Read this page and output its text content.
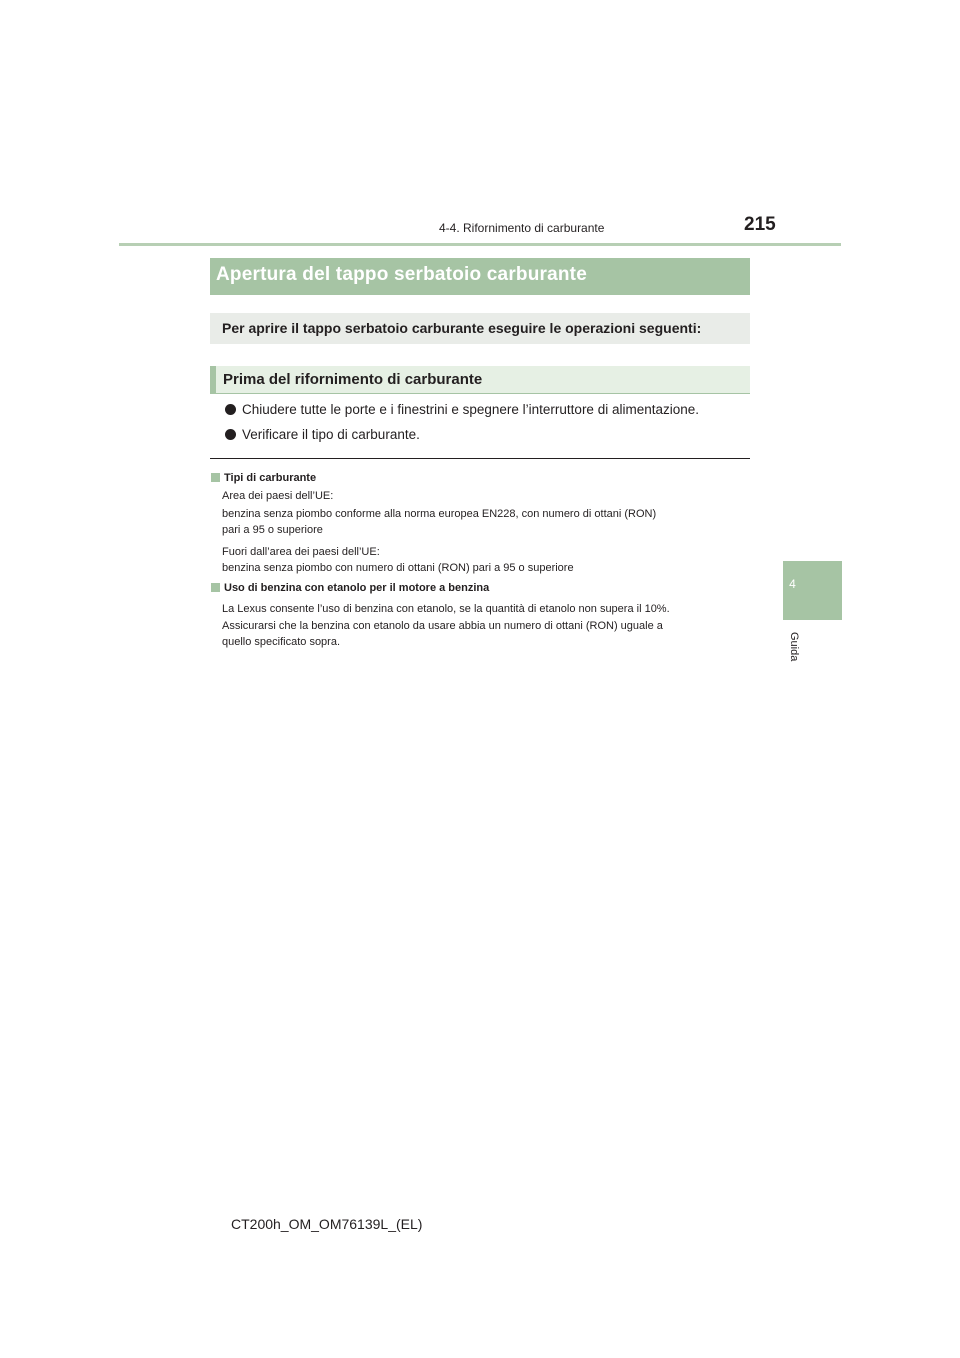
4-4. Rifornimento di carburante	215
4
Guida
Apertura del tappo serbatoio carburante
Per aprire il tappo serbatoio carburante eseguire le operazioni seguenti:
Prima del rifornimento di carburante
Chiudere tutte le porte e i finestrini e spegnere l’interruttore di alimentazione.
Verificare il tipo di carburante.
Tipi di carburante
Area dei paesi dell’UE:
benzina senza piombo conforme alla norma europea EN228, con numero di ottani (RON)
pari a 95 o superiore
Fuori dall’area dei paesi dell’UE:
benzina senza piombo con numero di ottani (RON) pari a 95 o superiore
Uso di benzina con etanolo per il motore a benzina
La Lexus consente l’uso di benzina con etanolo, se la quantità di etanolo non supera il 10%.
Assicurarsi che la benzina con etanolo da usare abbia un numero di ottani (RON) uguale a
quello specificato sopra.
CT200h_OM_OM76139L_(EL)
